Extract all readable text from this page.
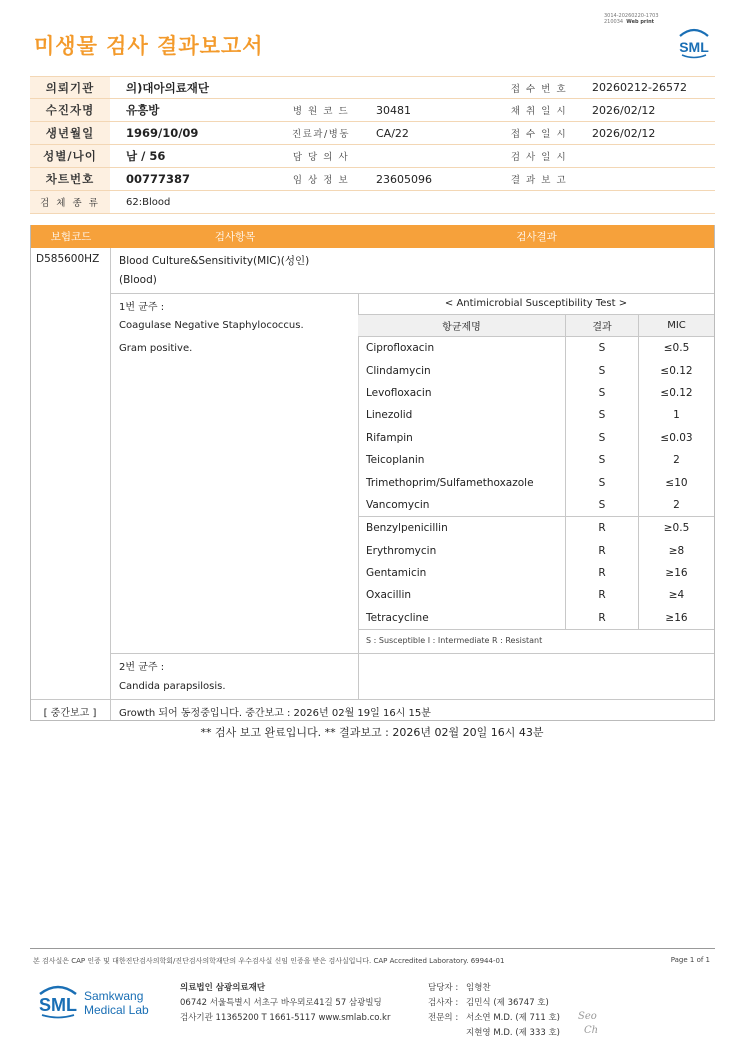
미생물 검사 결과보고서
3014-20260220-1703
210034 Web print
SML
의뢰기관	의)대아의료재단	접 수 번 호	20260212-26572
수진자명	유흥방	병 원 코 드	30481	채 취 일 시	2026/02/12
생년월일	1969/10/09	진료과/병동	CA/22	접 수 일 시	2026/02/12
성별/나이	남 / 56	담 당 의 사	검 사 일 시
차트번호	00777387	임 상 정 보	23605096	결 과 보 고
검 체 종 류	62:Blood
보험코드	검사항목	검사결과
D585600HZ Blood Culture&Sensitivity(MIC)(성인)
(Blood)
1번 균주 :
Coagulase Negative Staphylococcus.
Gram positive.
< Antimicrobial Susceptibility Test >
항균제명	결과	MIC
Ciprofloxacin	S	≤0.5
Clindamycin	S	≤0.12
Levofloxacin	S	≤0.12
Linezolid	S	1
Rifampin	S	≤0.03
Teicoplanin	S	2
Trimethoprim/Sulfamethoxazole	S	≤10
Vancomycin	S	2
Benzylpenicillin	R	≥0.5
Erythromycin	R	≥8
Gentamicin	R	≥16
Oxacillin	R	≥4
Tetracycline	R	≥16
S : Susceptible I : Intermediate R : Resistant
2번 균주 :
Candida parapsilosis.
[ 중간보고 ]	Growth 되어 동정중입니다. 중간보고 : 2026년 02월 19일 16시 15분
** 검사 보고 완료입니다. ** 결과보고 : 2026년 02월 20일 16시 43분
본 검사실은 CAP 인증 및 대한진단검사의학회/진단검사의학재단의 우수검사실 신임 인증을 받은 검사실입니다. CAP Accredited Laboratory. 69944-01	Page 1 of 1
SML Samkwang
Medical Lab
의료법인 삼광의료재단
06742 서울특별시 서초구 바우뫼로41길 57 삼광빌딩
검사기관 11365200 T 1661-5117 www.smlab.co.kr
담당자 : 임형찬
검사자 : 김민식 (제 36747 호)
전문의 : 서소연 M.D. (제 711 호)
지현영 M.D. (제 333 호)
Seo
Ch
